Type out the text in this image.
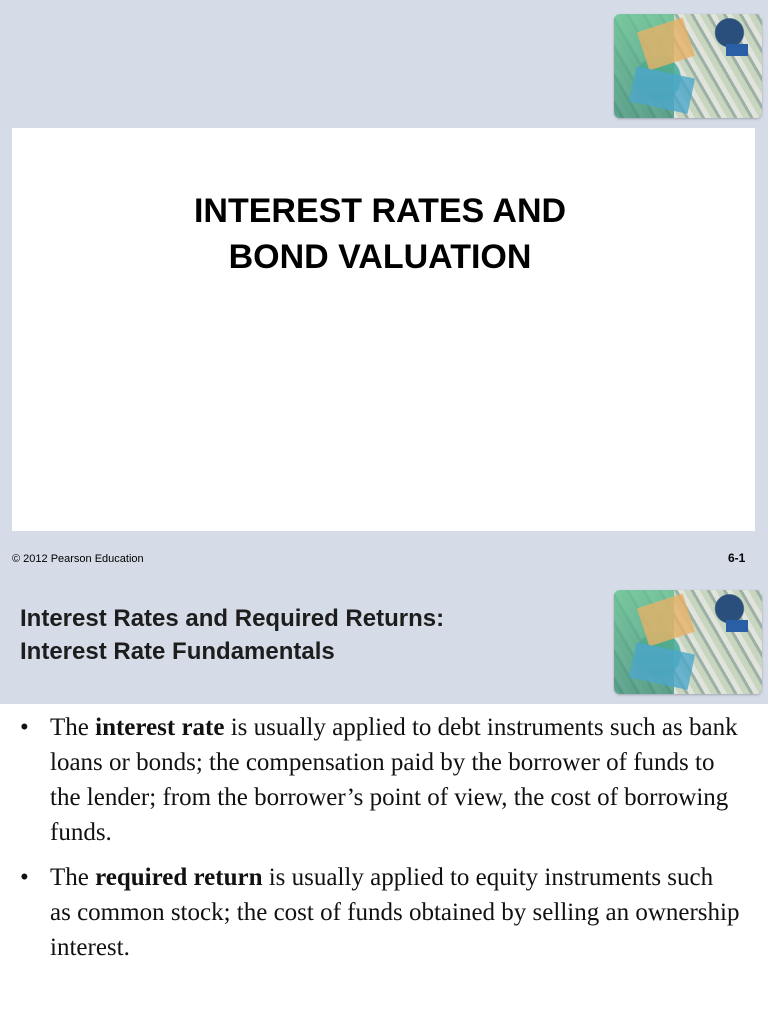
INTEREST RATES AND
BOND VALUATION
© 2012 Pearson Education	6-1
Interest Rates and Required Returns:
Interest Rate Fundamentals
• The interest rate is usually applied to debt instruments such as bank loans or bonds; the compensation paid by the borrower of funds to the lender; from the borrower’s point of view, the cost of borrowing funds.
• The required return is usually applied to equity instruments such as common stock; the cost of funds obtained by selling an ownership interest.
